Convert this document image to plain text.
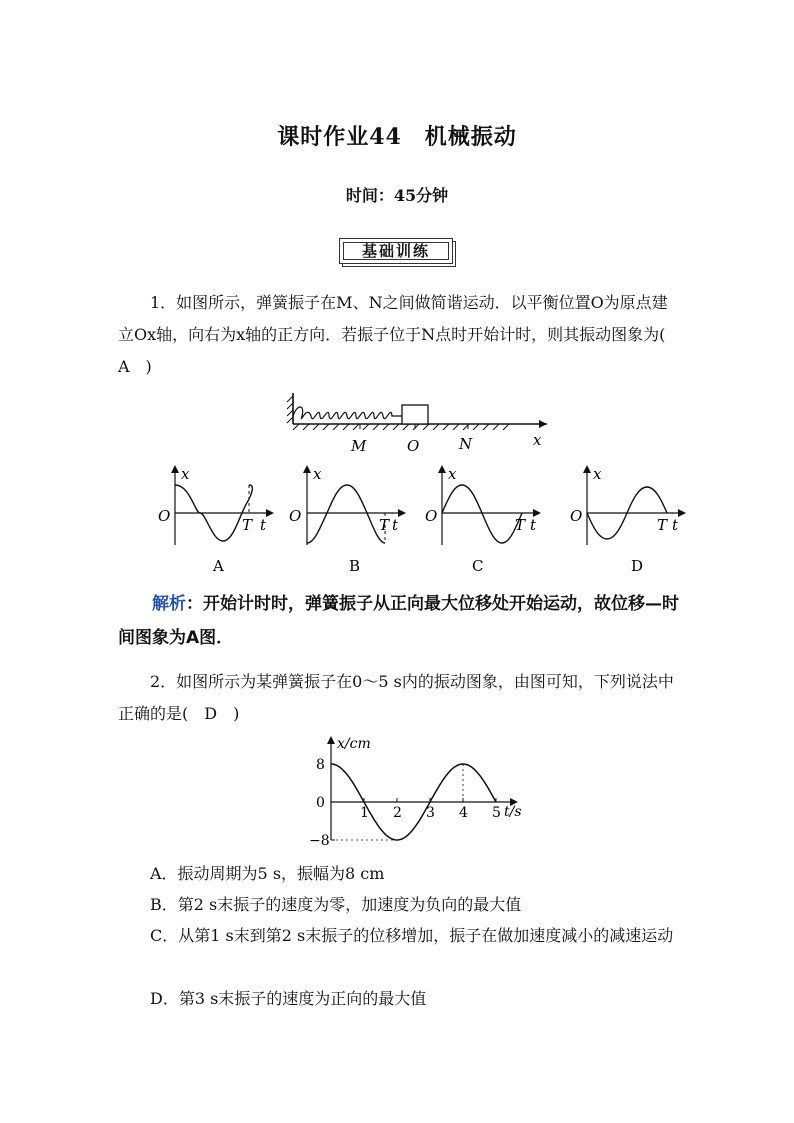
课时作业44　机械振动
时间：45分钟
基础训练
1．如图所示，弹簧振子在M、N之间做简谐运动．以平衡位置O为原点建立Ox轴，向右为x轴的正方向．若振子位于N点时开始计时，则其振动图象为(　A　)
M	O	N	x
x
O	T t
A
x
O	T t
B
x
O	T t
C
x
O	T t
D
解析：开始计时时，弹簧振子从正向最大位移处开始运动，故位移—时间图象为A图．
2．如图所示为某弹簧振子在0～5 s内的振动图象，由图可知，下列说法中正确的是(　D　)
1 2 3 4 5
8
0
−8
x/cm
t/s
A．振动周期为5 s，振幅为8 cm
B．第2 s末振子的速度为零，加速度为负向的最大值
C．从第1 s末到第2 s末振子的位移增加，振子在做加速度减小的减速运动
D．第3 s末振子的速度为正向的最大值
